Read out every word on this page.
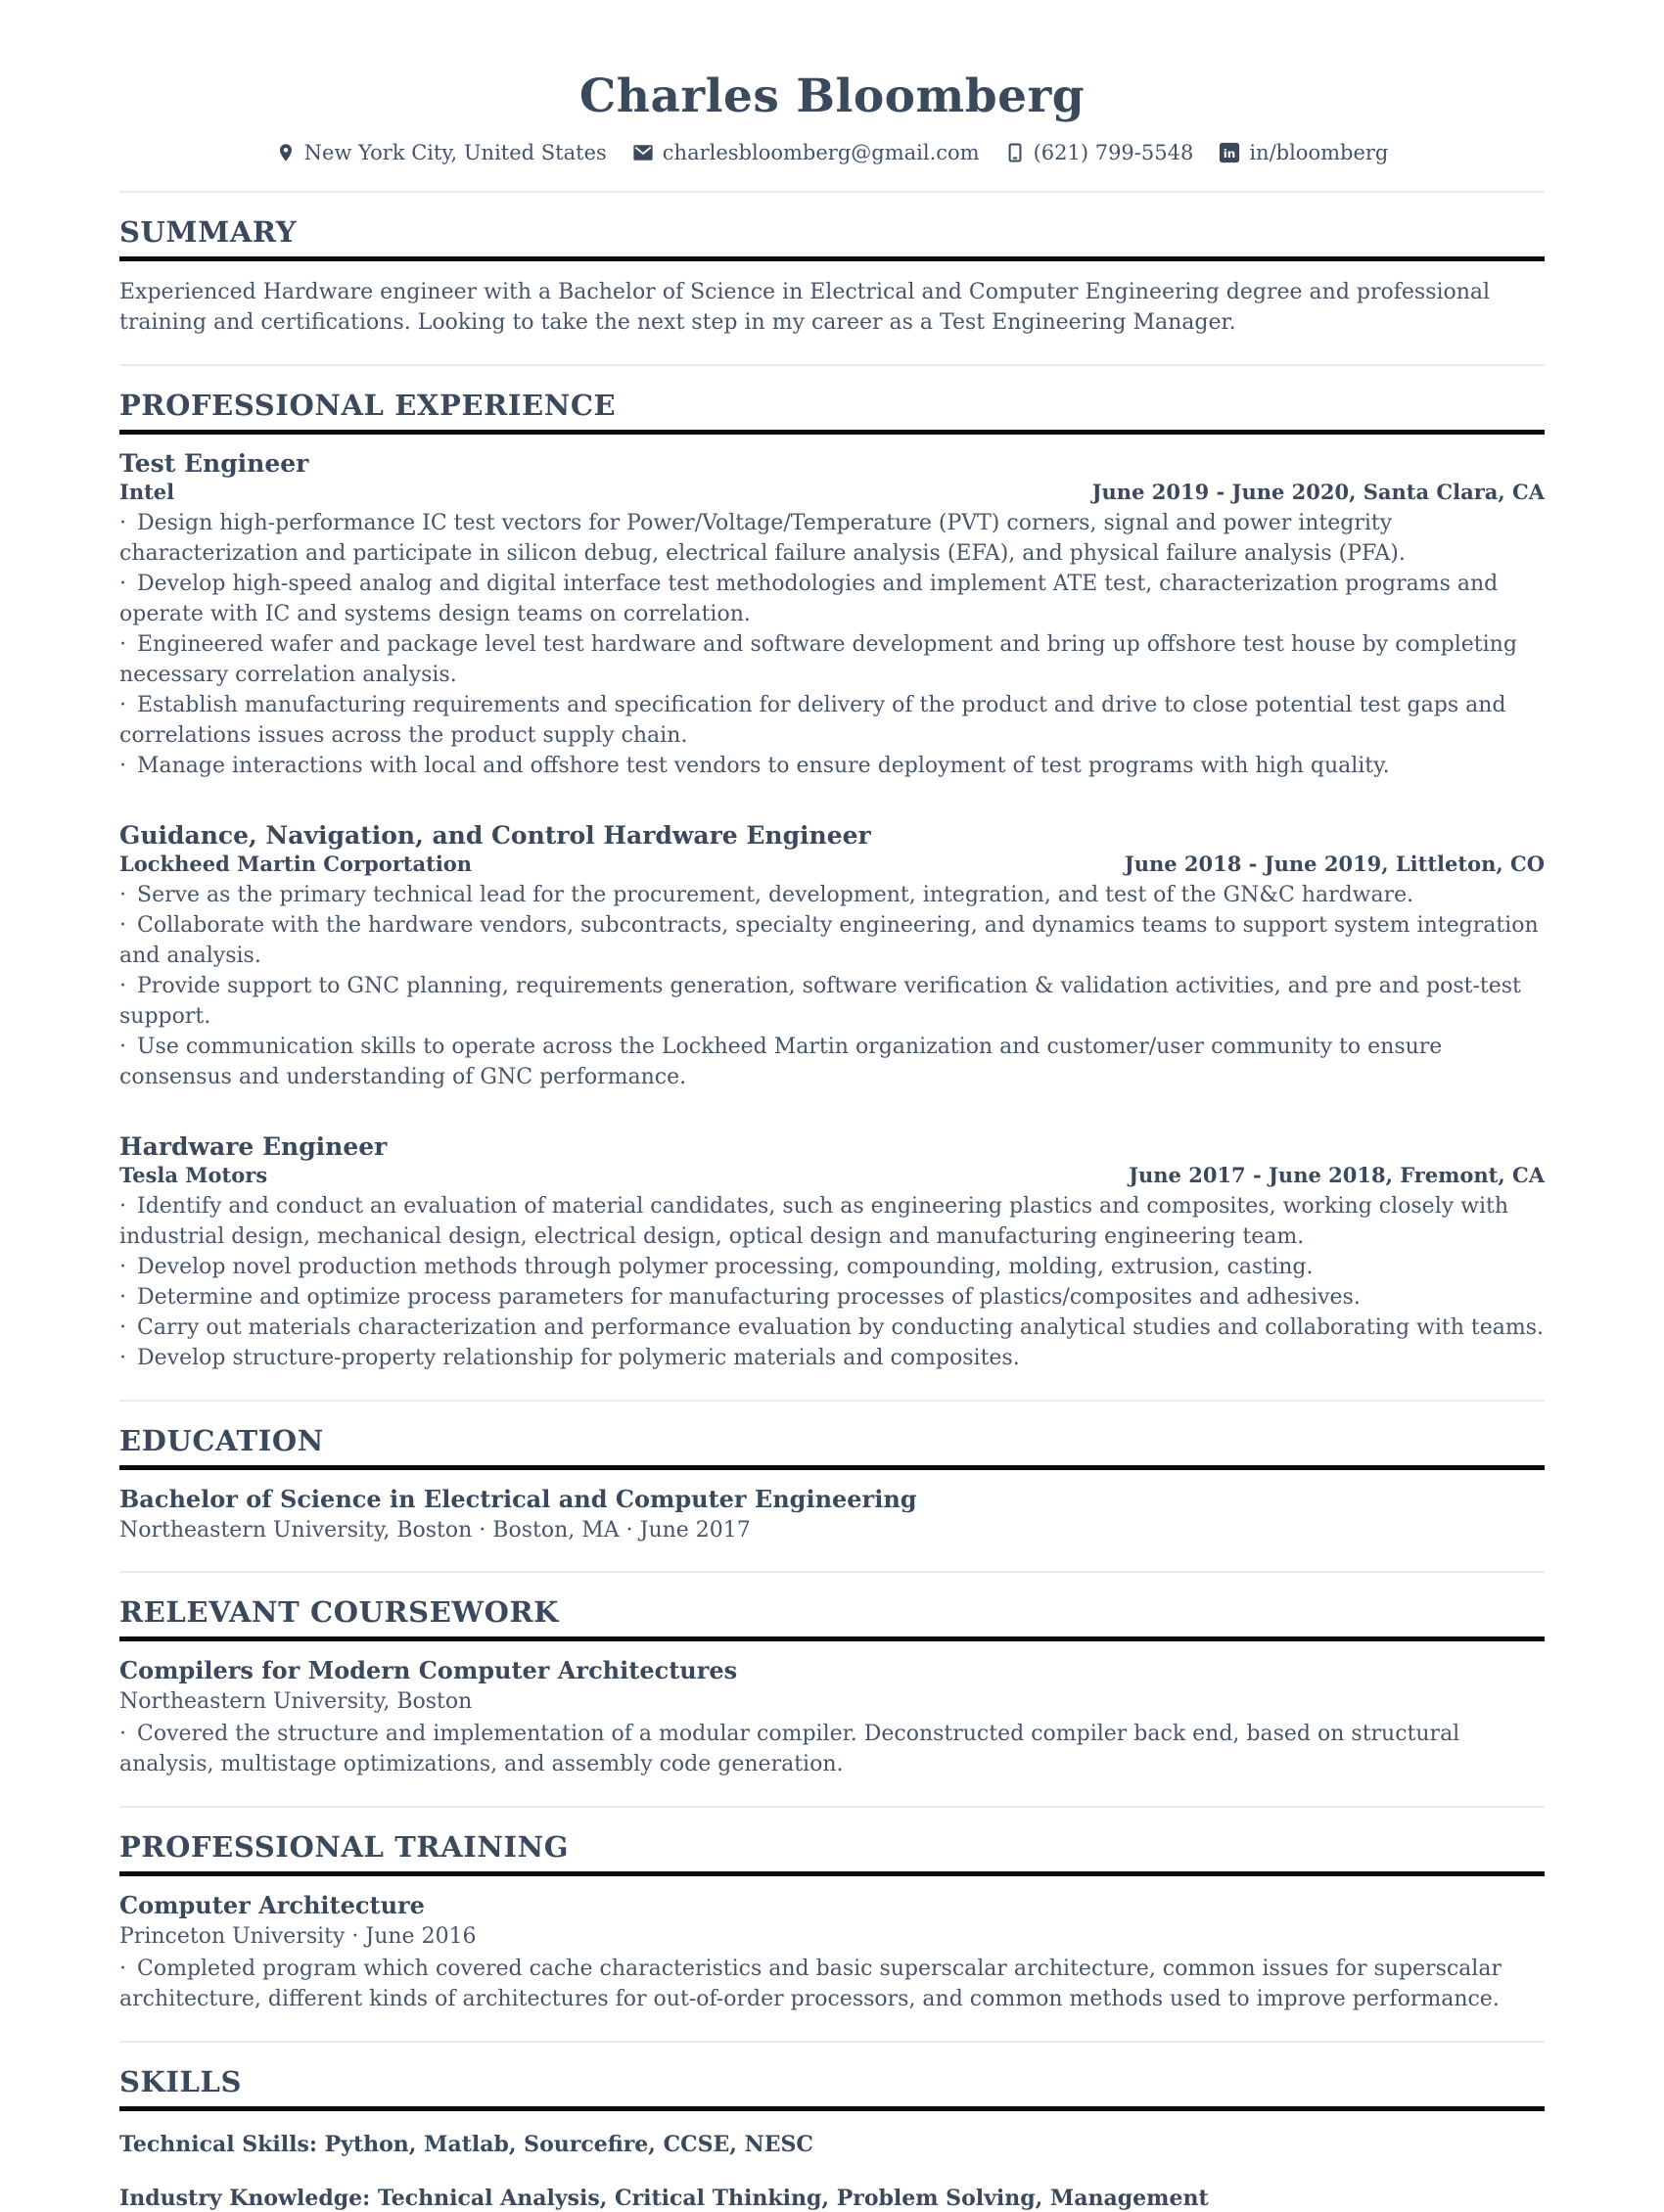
Charles Bloomberg
New York City, United States	charlesbloomberg@gmail.com	(621) 799-5548 in in/bloomberg
SUMMARY
Experienced Hardware engineer with a Bachelor of Science in Electrical and Computer Engineering degree and professional training and certifications. Looking to take the next step in my career as a Test Engineering Manager.
PROFESSIONAL EXPERIENCE
Test Engineer
Intel	June 2019 - June 2020, Santa Clara, CA
· Design high-performance IC test vectors for Power/Voltage/Temperature (PVT) corners, signal and power integrity characterization and participate in silicon debug, electrical failure analysis (EFA), and physical failure analysis (PFA).
· Develop high-speed analog and digital interface test methodologies and implement ATE test, characterization programs and operate with IC and systems design teams on correlation.
· Engineered wafer and package level test hardware and software development and bring up offshore test house by completing necessary correlation analysis.
· Establish manufacturing requirements and specification for delivery of the product and drive to close potential test gaps and correlations issues across the product supply chain.
· Manage interactions with local and offshore test vendors to ensure deployment of test programs with high quality.
Guidance, Navigation, and Control Hardware Engineer
Lockheed Martin Corportation	June 2018 - June 2019, Littleton, CO
· Serve as the primary technical lead for the procurement, development, integration, and test of the GN&C hardware.
· Collaborate with the hardware vendors, subcontracts, specialty engineering, and dynamics teams to support system integration and analysis.
· Provide support to GNC planning, requirements generation, software verification & validation activities, and pre and post-test support.
· Use communication skills to operate across the Lockheed Martin organization and customer/user community to ensure consensus and understanding of GNC performance.
Hardware Engineer
Tesla Motors	June 2017 - June 2018, Fremont, CA
· Identify and conduct an evaluation of material candidates, such as engineering plastics and composites, working closely with industrial design, mechanical design, electrical design, optical design and manufacturing engineering team.
· Develop novel production methods through polymer processing, compounding, molding, extrusion, casting.
· Determine and optimize process parameters for manufacturing processes of plastics/composites and adhesives.
· Carry out materials characterization and performance evaluation by conducting analytical studies and collaborating with teams.
· Develop structure-property relationship for polymeric materials and composites.
EDUCATION
Bachelor of Science in Electrical and Computer Engineering
Northeastern University, Boston · Boston, MA · June 2017
RELEVANT COURSEWORK
Compilers for Modern Computer Architectures
Northeastern University, Boston
· Covered the structure and implementation of a modular compiler. Deconstructed compiler back end, based on structural analysis, multistage optimizations, and assembly code generation.
PROFESSIONAL TRAINING
Computer Architecture
Princeton University · June 2016
· Completed program which covered cache characteristics and basic superscalar architecture, common issues for superscalar architecture, different kinds of architectures for out-of-order processors, and common methods used to improve performance.
SKILLS
Technical Skills: Python, Matlab, Sourcefire, CCSE, NESC
Industry Knowledge: Technical Analysis, Critical Thinking, Problem Solving, Management
